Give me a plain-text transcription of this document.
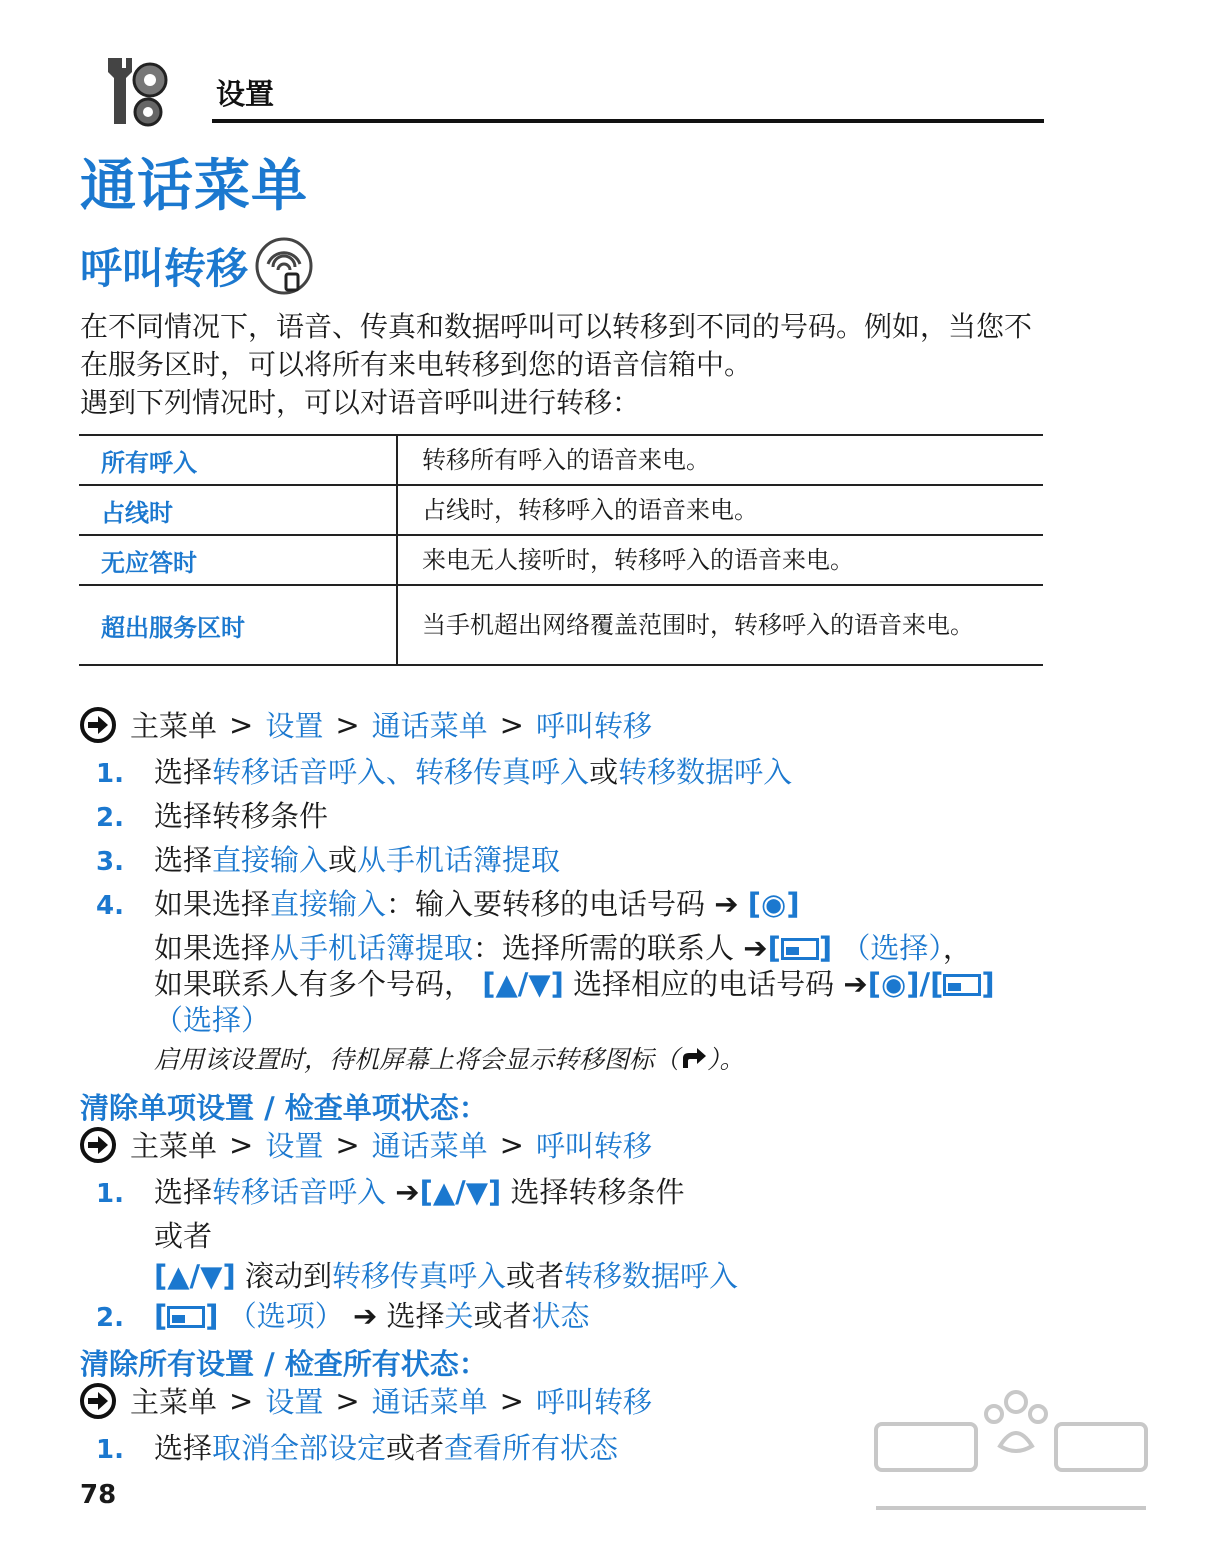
设置
通话菜单
呼叫转移
在不同情况下，语音、传真和数据呼叫可以转移到不同的号码。例如，当您不在服务区时，可以将所有来电转移到您的语音信箱中。
遇到下列情况时，可以对语音呼叫进行转移：
所有呼入	转移所有呼入的语音来电。
占线时	占线时，转移呼入的语音来电。
无应答时	来电无人接听时，转移呼入的语音来电。
超出服务区时	当手机超出网络覆盖范围时，转移呼入的语音来电。
主菜单 > 设置 > 通话菜单 > 呼叫转移
1. 选择转移话音呼入、转移传真呼入或转移数据呼入
2. 选择转移条件
3. 选择直接输入或从手机话簿提取
4. 如果选择直接输入：输入要转移的电话号码 ➔ [◉]
如果选择从手机话簿提取：选择所需的联系人 ➔[ ] （选择），
如果联系人有多个号码， [▲/▼] 选择相应的电话号码 ➔[◉]/[ ]
（选择）
启用该设置时，待机屏幕上将会显示转移图标（ ）。
清除单项设置 / 检查单项状态：
主菜单 > 设置 > 通话菜单 > 呼叫转移
1. 选择转移话音呼入 ➔[▲/▼] 选择转移条件
或者
[▲/▼] 滚动到转移传真呼入或者转移数据呼入
2. [ ] （选项） ➔ 选择关或者状态
清除所有设置 / 检查所有状态：
主菜单 > 设置 > 通话菜单 > 呼叫转移
1. 选择取消全部设定或者查看所有状态
78
